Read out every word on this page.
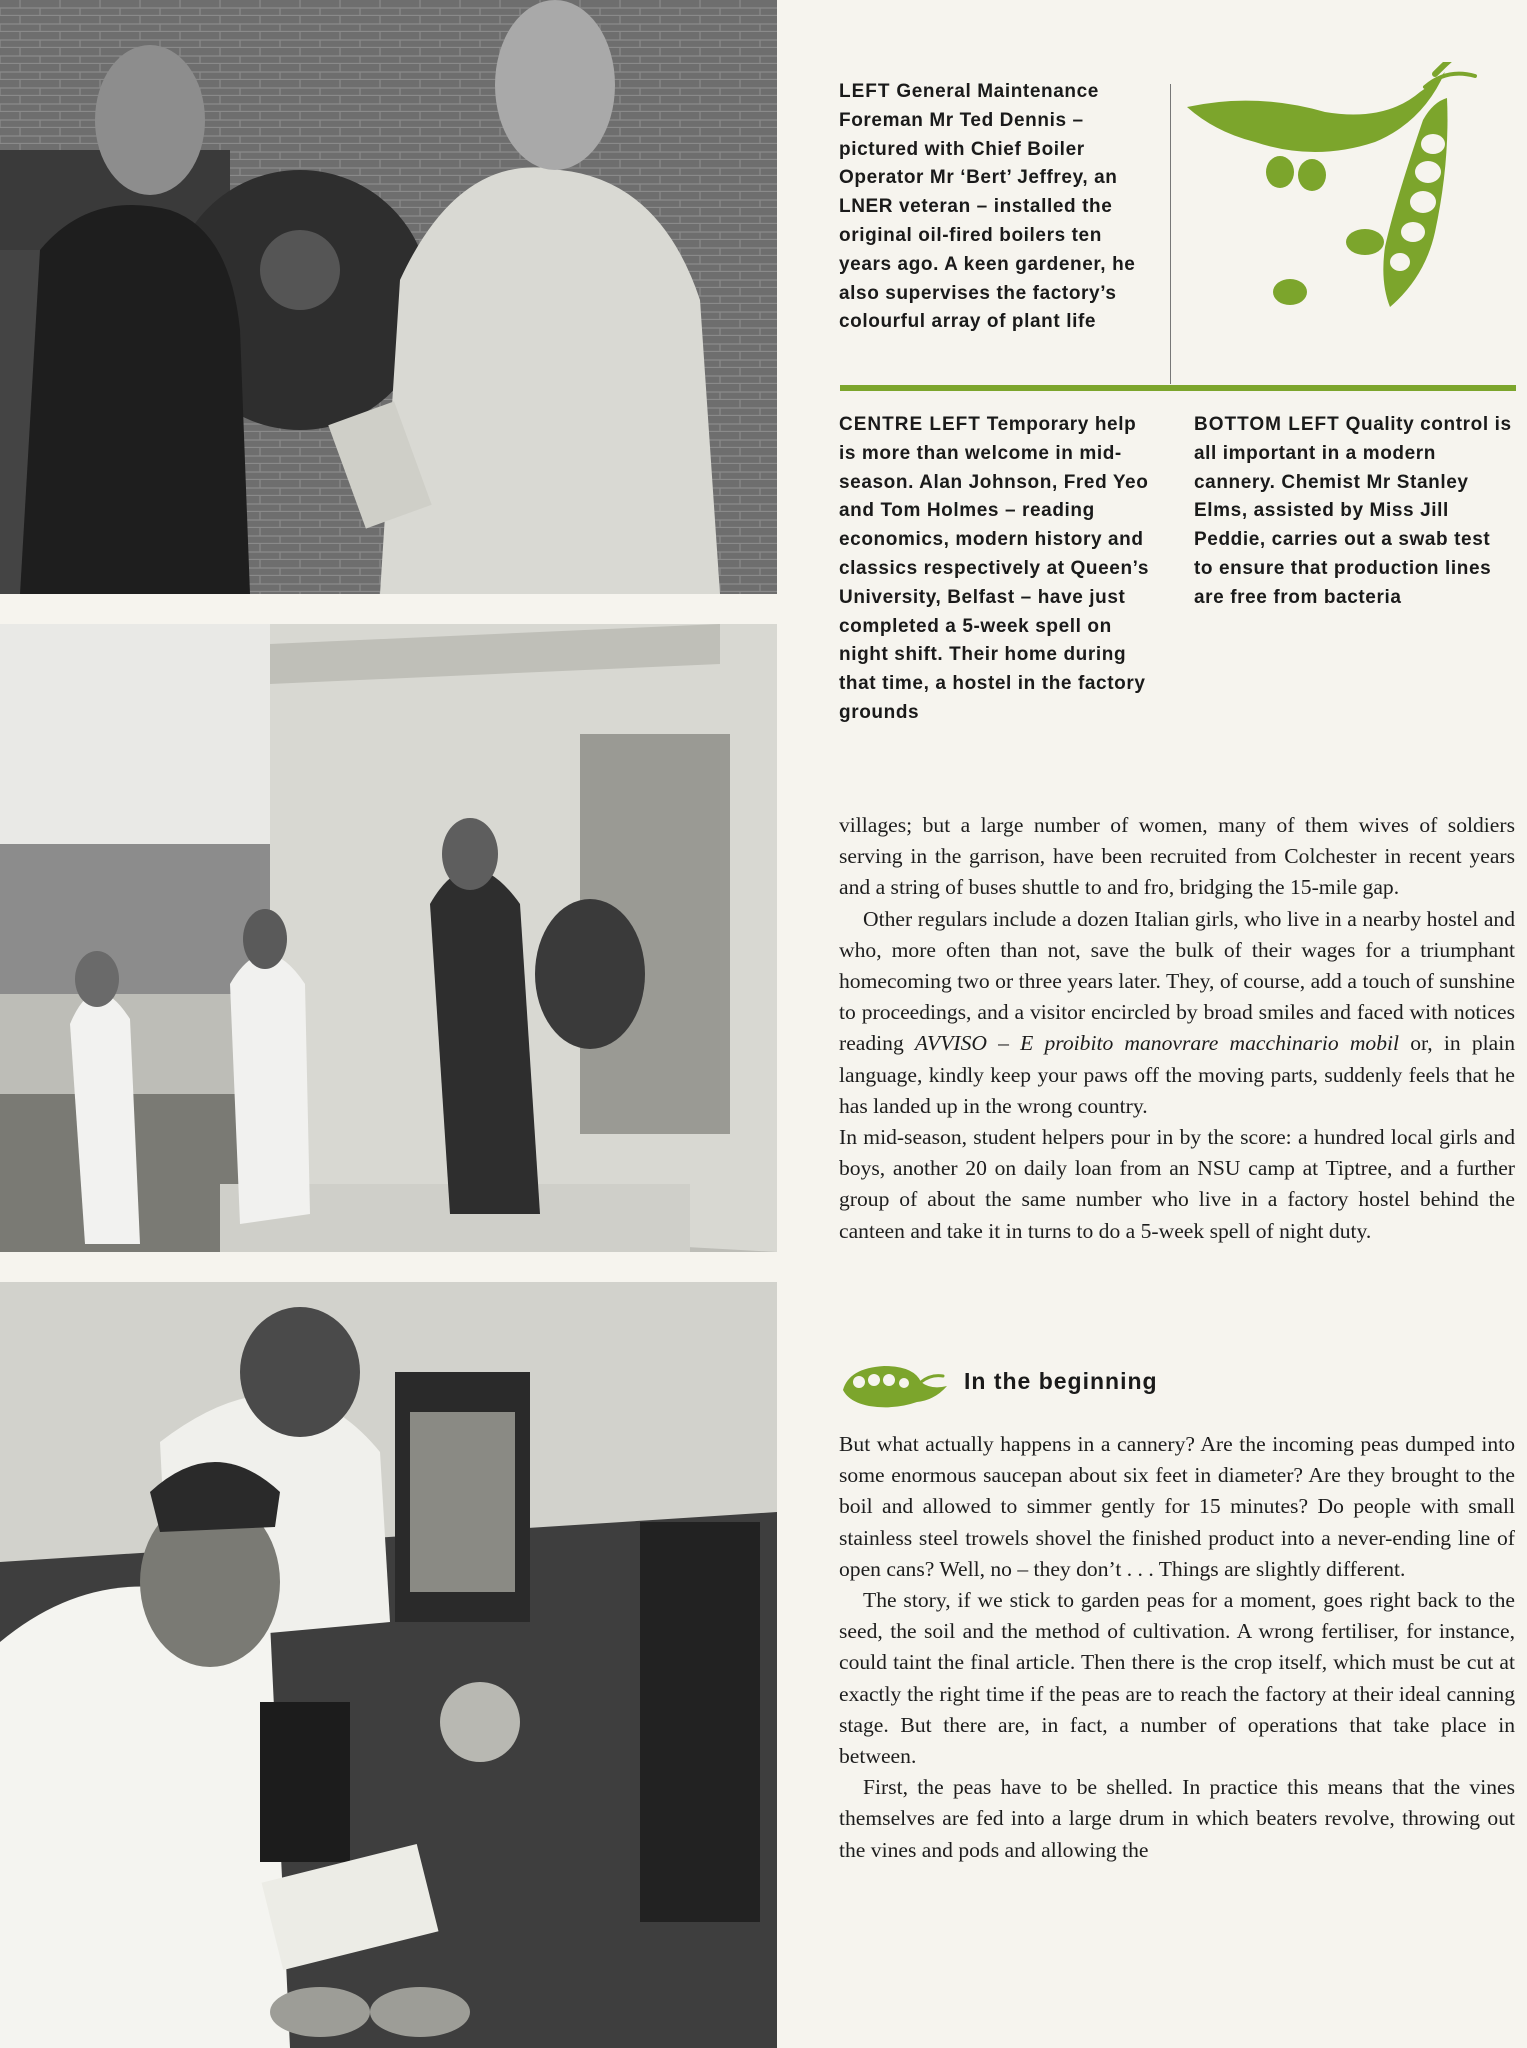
LEFT General Maintenance Foreman Mr Ted Dennis – pictured with Chief Boiler Operator Mr ‘Bert’ Jeffrey, an LNER veteran – installed the original oil-fired boilers ten years ago. A keen gardener, he also supervises the factory’s colourful array of plant life
CENTRE LEFT Temporary help is more than welcome in mid-season. Alan Johnson, Fred Yeo and Tom Holmes – reading economics, modern history and classics respectively at Queen’s University, Belfast – have just completed a 5-week spell on night shift. Their home during that time, a hostel in the factory grounds
BOTTOM LEFT Quality control is all important in a modern cannery. Chemist Mr Stanley Elms, assisted by Miss Jill Peddie, carries out a swab test to ensure that production lines are free from bacteria

villages; but a large number of women, many of them wives of soldiers serving in the garrison, have been recruited from Colchester in recent years and a string of buses shuttle to and fro, bridging the 15-mile gap.

Other regulars include a dozen Italian girls, who live in a nearby hostel and who, more often than not, save the bulk of their wages for a triumphant homecoming two or three years later. They, of course, add a touch of sunshine to proceedings, and a visitor encircled by broad smiles and faced with notices reading AVVISO – E proibito manovrare macchinario mobil or, in plain language, kindly keep your paws off the moving parts, suddenly feels that he has landed up in the wrong country.

In mid-season, student helpers pour in by the score: a hundred local girls and boys, another 20 on daily loan from an NSU camp at Tiptree, and a further group of about the same number who live in a factory hostel behind the canteen and take it in turns to do a 5-week spell of night duty.

In the beginning

But what actually happens in a cannery? Are the incoming peas dumped into some enormous saucepan about six feet in diameter? Are they brought to the boil and allowed to simmer gently for 15 minutes? Do people with small stainless steel trowels shovel the finished product into a never-ending line of open cans? Well, no – they don’t . . . Things are slightly different.

The story, if we stick to garden peas for a moment, goes right back to the seed, the soil and the method of cultivation. A wrong fertiliser, for instance, could taint the final article. Then there is the crop itself, which must be cut at exactly the right time if the peas are to reach the factory at their ideal canning stage. But there are, in fact, a number of operations that take place in between.

First, the peas have to be shelled. In practice this means that the vines themselves are fed into a large drum in which beaters revolve, throwing out the vines and pods and allowing the
